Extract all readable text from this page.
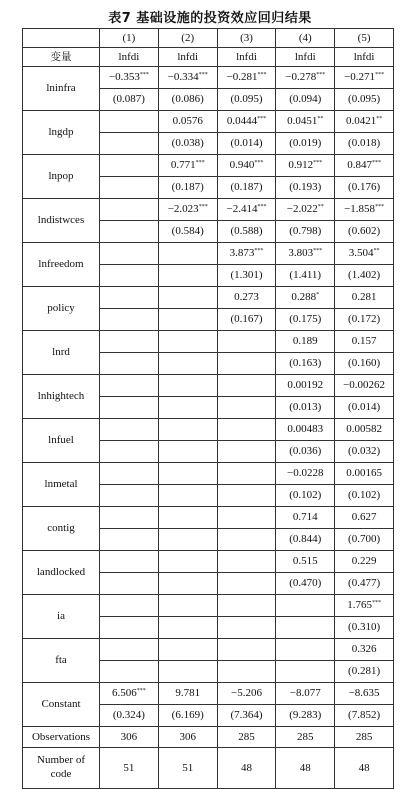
表7 基础设施的投资效应回归结果
	(1)	(2)	(3)	(4)	(5)
变量	lnfdi	lnfdi	lnfdi	lnfdi	lnfdi
lninfra	−0.353***	−0.334***	−0.281***	−0.278***	−0.271***
	(0.087)	(0.086)	(0.095)	(0.094)	(0.095)
lngdp		0.0576	0.0444***	0.0451**	0.0421**
		(0.038)	(0.014)	(0.019)	(0.018)
lnpop		0.771***	0.940***	0.912***	0.847***
		(0.187)	(0.187)	(0.193)	(0.176)
lndistwces		−2.023***	−2.414***	−2.022**	−1.858***
		(0.584)	(0.588)	(0.798)	(0.602)
lnfreedom			3.873***	3.803***	3.504**
			(1.301)	(1.411)	(1.402)
policy			0.273	0.288*	0.281
			(0.167)	(0.175)	(0.172)
lnrd				0.189	0.157
				(0.163)	(0.160)
lnhightech				0.00192	−0.00262
				(0.013)	(0.014)
lnfuel				0.00483	0.00582
				(0.036)	(0.032)
lnmetal				−0.0228	0.00165
				(0.102)	(0.102)
contig				0.714	0.627
				(0.844)	(0.700)
landlocked				0.515	0.229
				(0.470)	(0.477)
ia					1.765***
					(0.310)
fta					0.326
					(0.281)
Constant	6.506***	9.781	−5.206	−8.077	−8.635
	(0.324)	(6.169)	(7.364)	(9.283)	(7.852)
Observations	306	306	285	285	285

Number of
code	51	51	48	48	48
